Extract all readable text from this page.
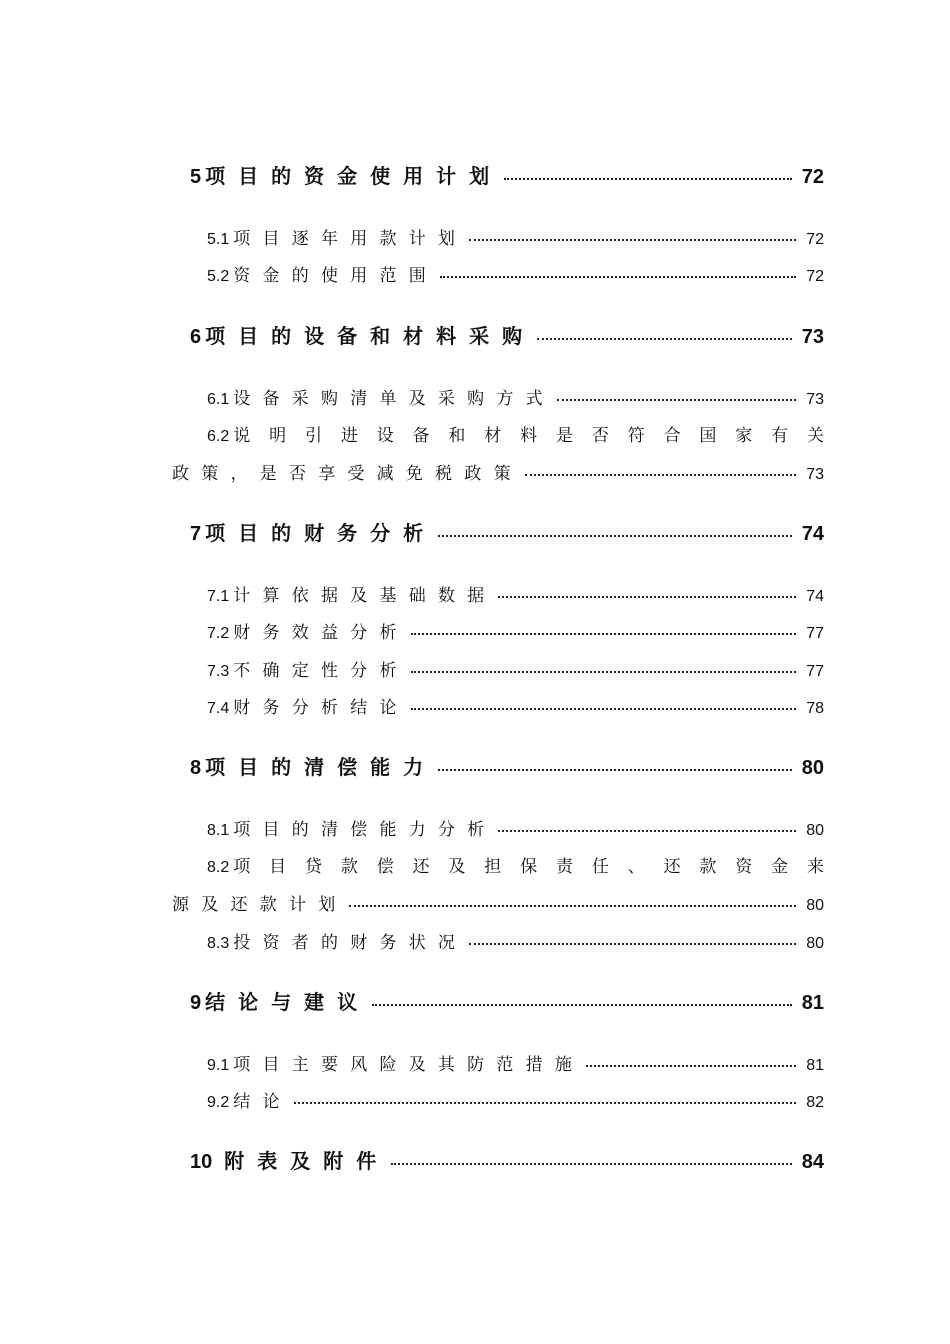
5 项目的资金使用计划	72
5.1 项目逐年用款计划	72
5.2 资金的使用范围	72
6 项目的设备和材料采购	73
6.1 设备采购清单及采购方式	73
6.2 说 明 引 进 设 备 和 材 料 是 否 符 合 国 家 有 关
政策，是否享受减免税政策	73
7 项目的财务分析	74
7.1 计算依据及基础数据	74
7.2 财务效益分析	77
7.3 不确定性分析	77
7.4 财务分析结论	78
8 项目的清偿能力	80
8.1 项目的清偿能力分析	80
8.2 项 目 贷 款 偿 还 及 担 保 责 任 、 还 款 资 金 来
源及还款计划	80
8.3 投资者的财务状况	80
9 结论与建议	81
9.1 项目主要风险及其防范措施	81
9.2 结论	82
10 附表及附件	84
